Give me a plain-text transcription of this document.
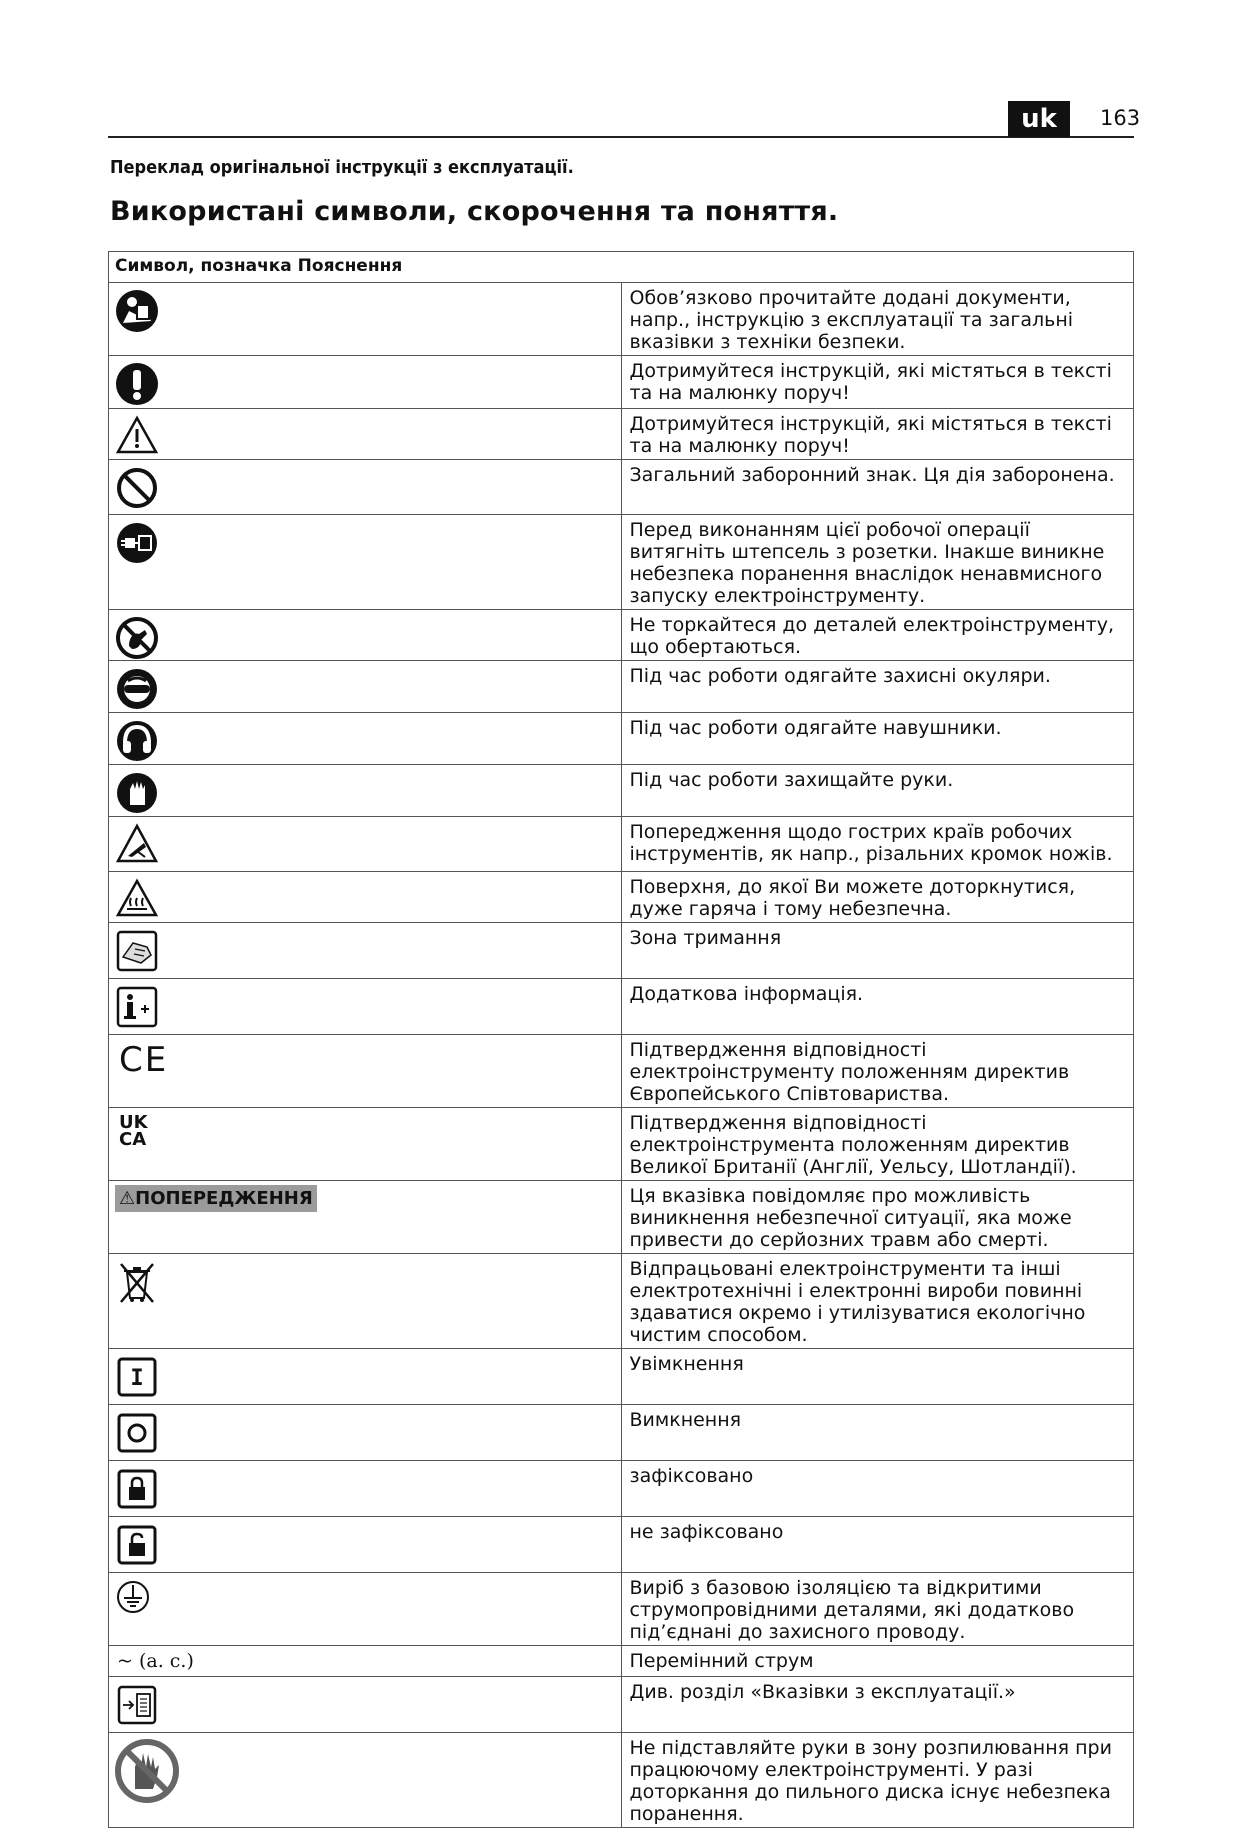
uk	163
Переклад оригінальної інструкції з експлуатації.
Використані символи, скорочення та поняття.
Символ, позначка Пояснення	

	Обов’язково прочитайте додані документи, напр., інструкцію з експлуатації та загальні вказівки з техніки безпеки.

	Дотримуйтеся інструкцій, які містяться в тексті та на малюнку поруч!

	Дотримуйтеся інструкцій, які містяться в тексті та на малюнку поруч!

	Загальний заборонний знак. Ця дія заборонена.

	Перед виконанням цієї робочої операції витягніть штепсель з розетки. Інакше виникне небезпека поранення внаслідок ненавмисного запуску електроінструменту.

	Не торкайтеся до деталей електроінструменту, що обертаються.

	Під час роботи одягайте захисні окуляри.

	Під час роботи одягайте навушники.

	Під час роботи захищайте руки.

	Попередження щодо гострих країв робочих інструментів, як напр., різальних кромок ножів.

	Поверхня, до якої Ви можете доторкнутися, дуже гаряча і тому небезпечна.

	Зона тримання

	Додаткова інформація.

CE	Підтвердження відповідності електроінструменту положенням директив Європейського Співтовариства.

UK CA	Підтвердження відповідності електроінструмента положенням директив Великої Британії (Англії, Уельсу, Шотландії).
⚠ПОПЕРЕДЖЕННЯ	Ця вказівка повідомляє про можливість виникнення небезпечної ситуації, яка може привести до серйозних травм або смерті.

	Відпрацьовані електроінструменти та інші електротехнічні і електронні вироби повинні здаватися окремо і утилізуватися екологічно чистим способом.

I	Увімкнення

	Вимкнення

	зафіксовано

	не зафіксовано

	Виріб з базовою ізоляцією та відкритими струмопровідними деталями, які додатково під’єднані до захисного проводу.
~ (a. c.)	Перемінний струм

	Див. розділ «Вказівки з експлуатації.»

	Не підставляйте руки в зону розпилювання при працюючому електроінструменті. У разі доторкання до пильного диска існує небезпека поранення.
